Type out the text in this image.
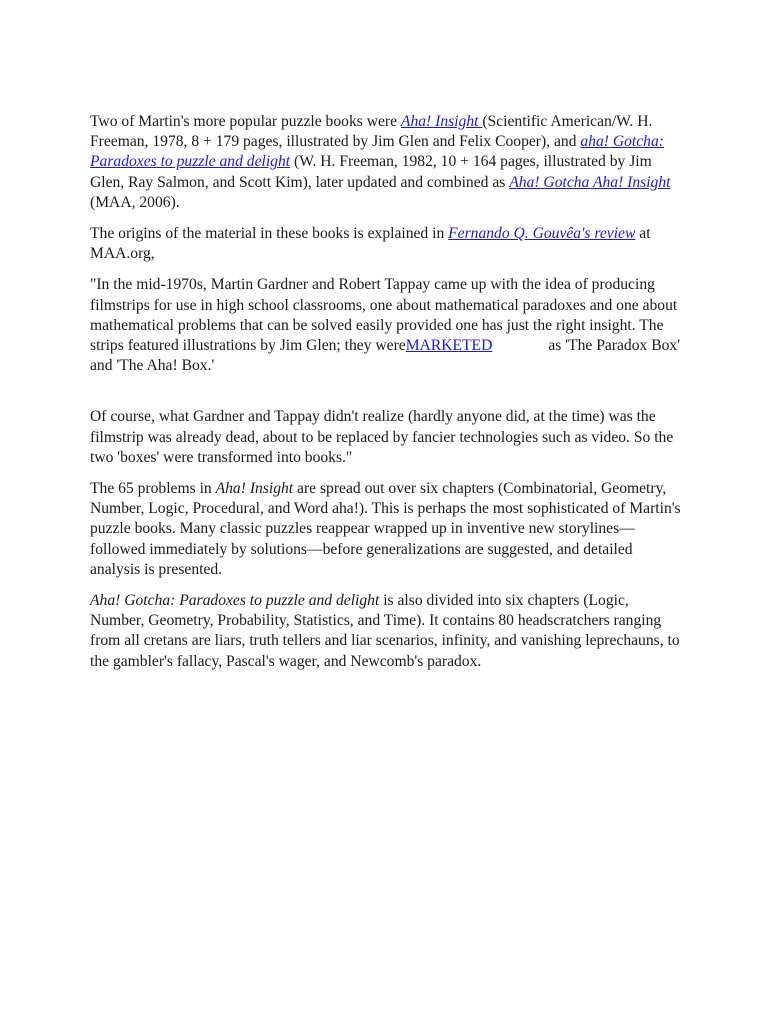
Two of Martin's more popular puzzle books were Aha! Insight (Scientific American/W. H. Freeman, 1978, 8 + 179 pages, illustrated by Jim Glen and Felix Cooper), and aha! Gotcha: Paradoxes to puzzle and delight (W. H. Freeman, 1982, 10 + 164 pages, illustrated by Jim Glen, Ray Salmon, and Scott Kim), later updated and combined as Aha! Gotcha Aha! Insight (MAA, 2006).

The origins of the material in these books is explained in Fernando Q. Gouvêa's review at MAA.org,

"In the mid-1970s, Martin Gardner and Robert Tappay came up with the idea of producing filmstrips for use in high school classrooms, one about mathematical paradoxes and one about mathematical problems that can be solved easily provided one has just the right insight. The strips featured illustrations by Jim Glen; they wereMARKETED	as 'The Paradox Box' and 'The Aha! Box.'

Of course, what Gardner and Tappay didn't realize (hardly anyone did, at the time) was the filmstrip was already dead, about to be replaced by fancier technologies such as video. So the two 'boxes' were transformed into books."

The 65 problems in Aha! Insight are spread out over six chapters (Combinatorial, Geometry, Number, Logic, Procedural, and Word aha!). This is perhaps the most sophisticated of Martin's puzzle books. Many classic puzzles reappear wrapped up in inventive new storylines—followed immediately by solutions—before generalizations are suggested, and detailed analysis is presented.

Aha! Gotcha: Paradoxes to puzzle and delight is also divided into six chapters (Logic, Number, Geometry, Probability, Statistics, and Time). It contains 80 headscratchers ranging from all cretans are liars, truth tellers and liar scenarios, infinity, and vanishing leprechauns, to the gambler's fallacy, Pascal's wager, and Newcomb's paradox.
